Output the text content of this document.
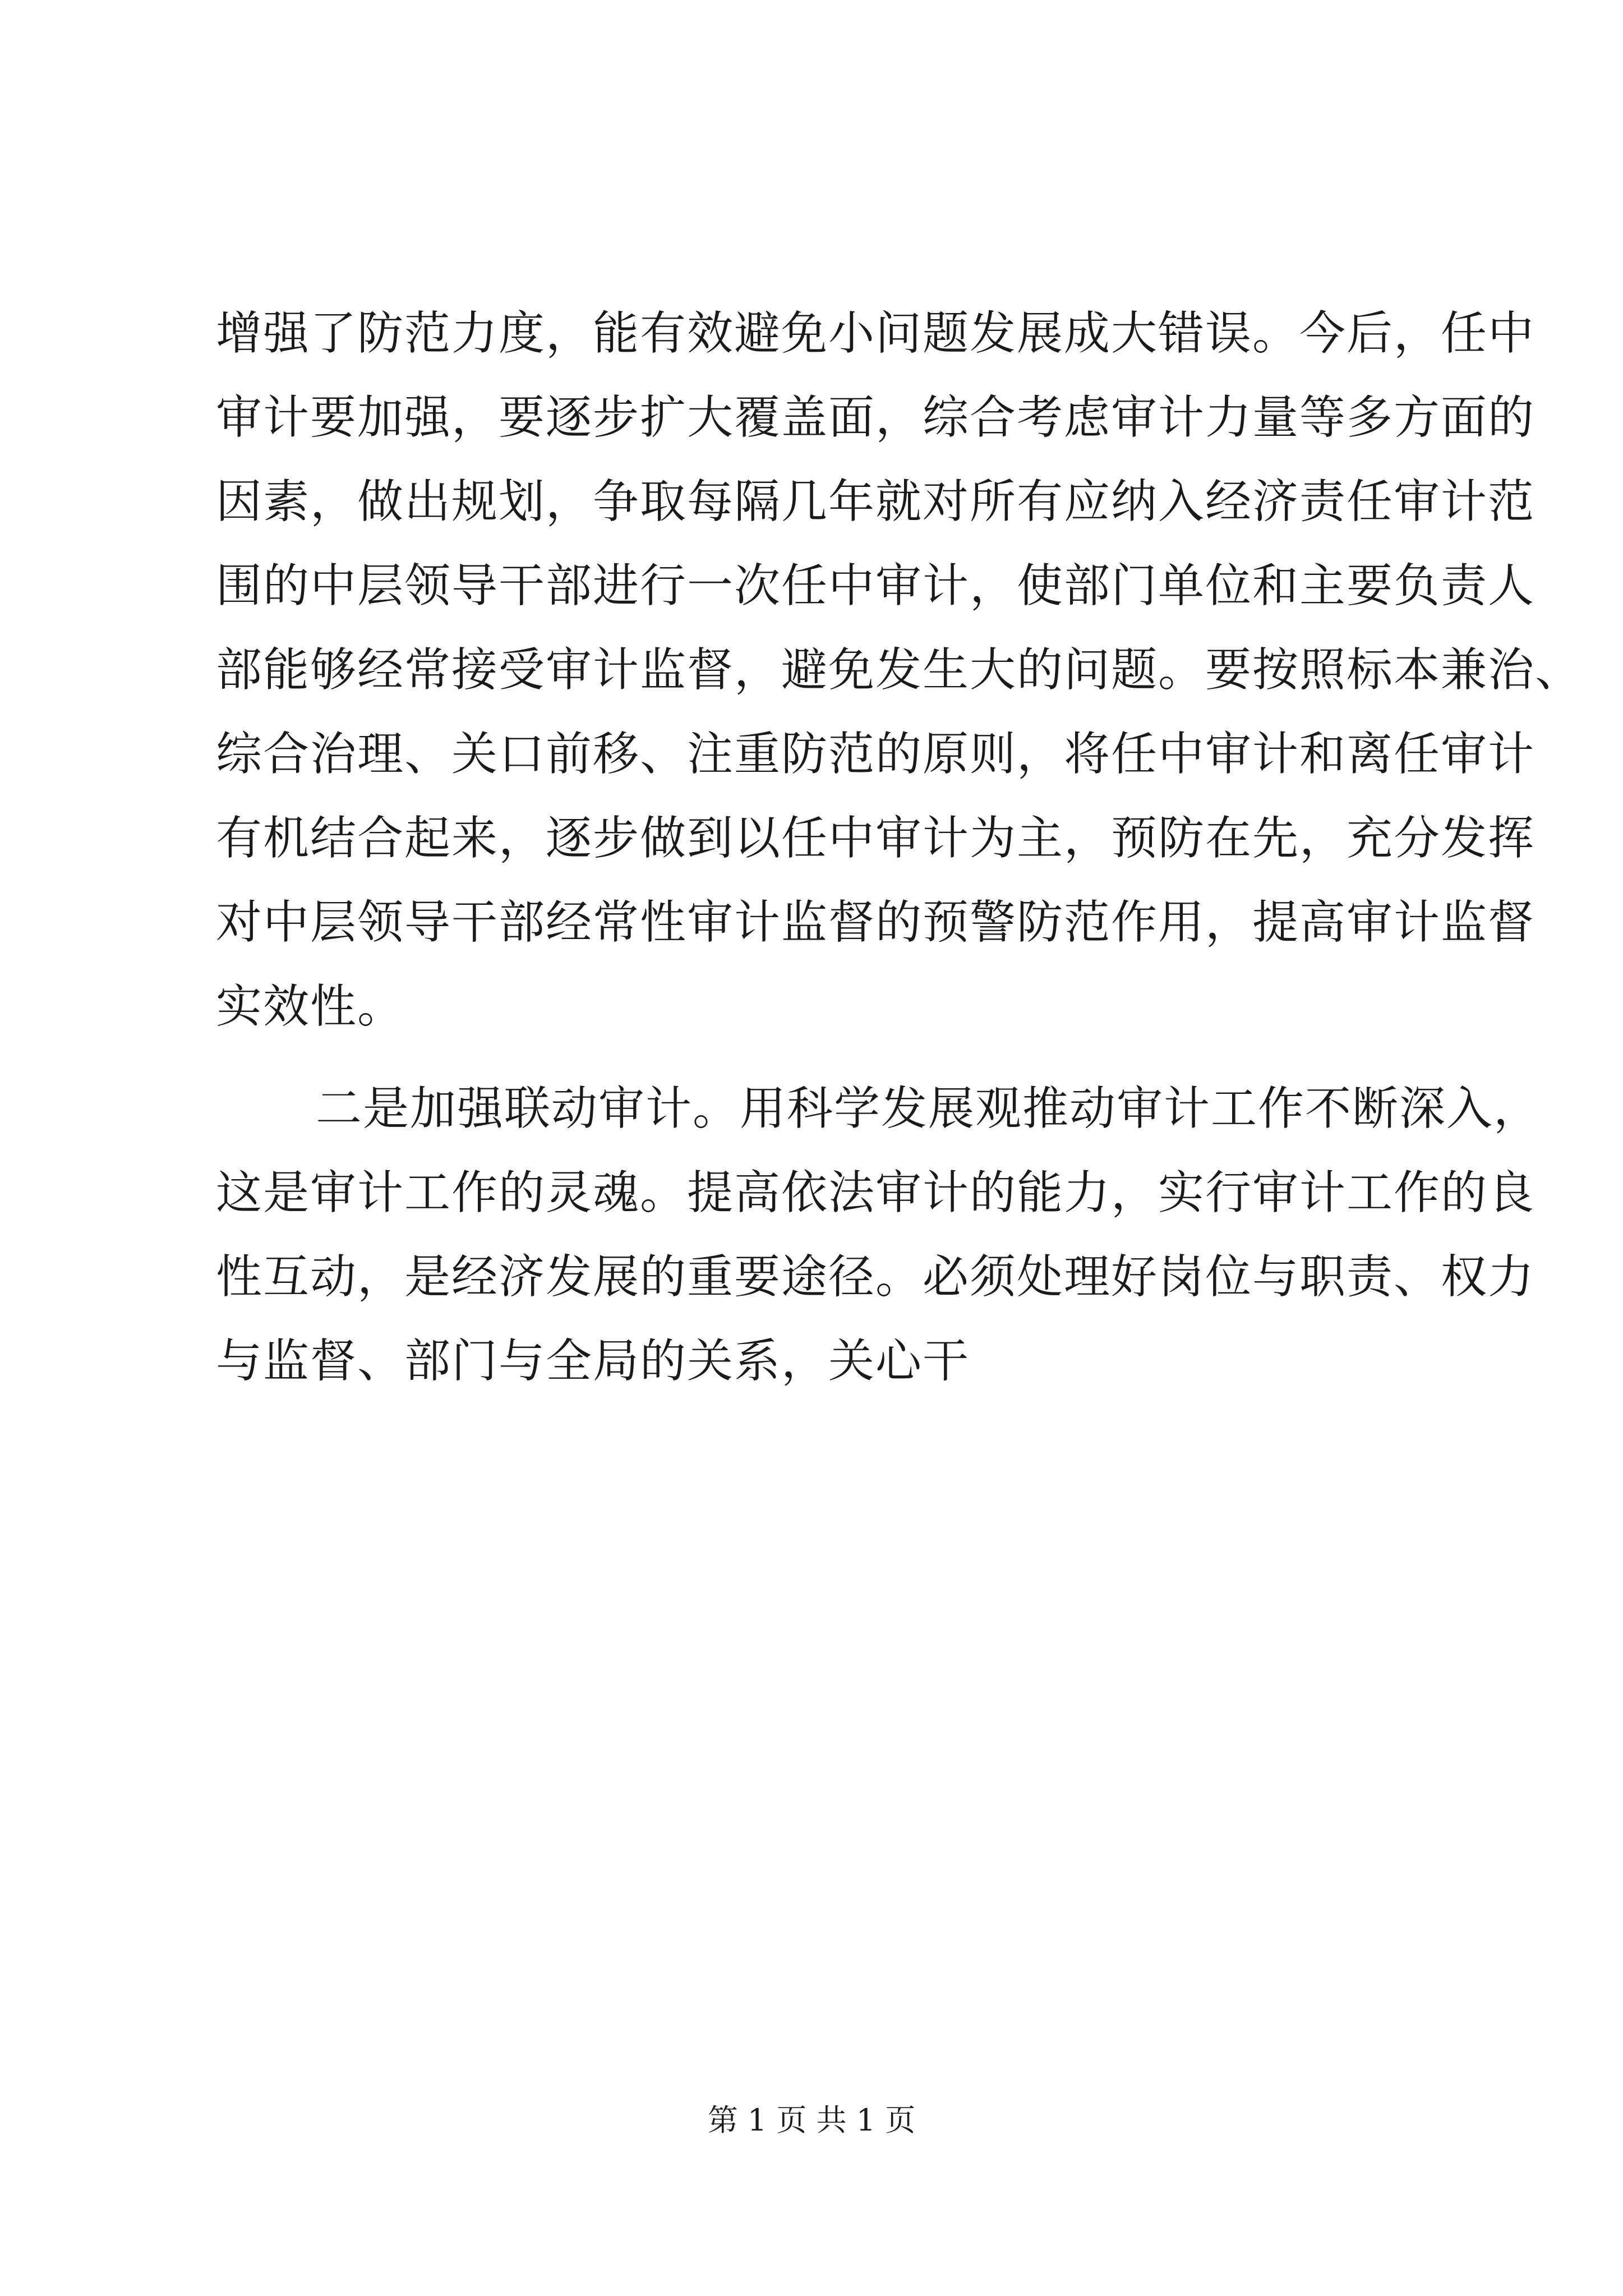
增强了防范力度，能有效避免小问题发展成大错误。今后，任中
审计要加强，要逐步扩大覆盖面，综合考虑审计力量等多方面的
因素，做出规划，争取每隔几年就对所有应纳入经济责任审计范
围的中层领导干部进行一次任中审计，使部门单位和主要负责人
部能够经常接受审计监督，避免发生大的问题。要按照标本兼治、
综合治理、关口前移、注重防范的原则，将任中审计和离任审计
有机结合起来，逐步做到以任中审计为主，预防在先，充分发挥
对中层领导干部经常性审计监督的预警防范作用，提高审计监督
实效性。
二是加强联动审计。用科学发展观推动审计工作不断深入，
这是审计工作的灵魂。提高依法审计的能力，实行审计工作的良
性互动，是经济发展的重要途径。必须处理好岗位与职责、权力
与监督、部门与全局的关系，关心干
第 1 页 共 1 页
